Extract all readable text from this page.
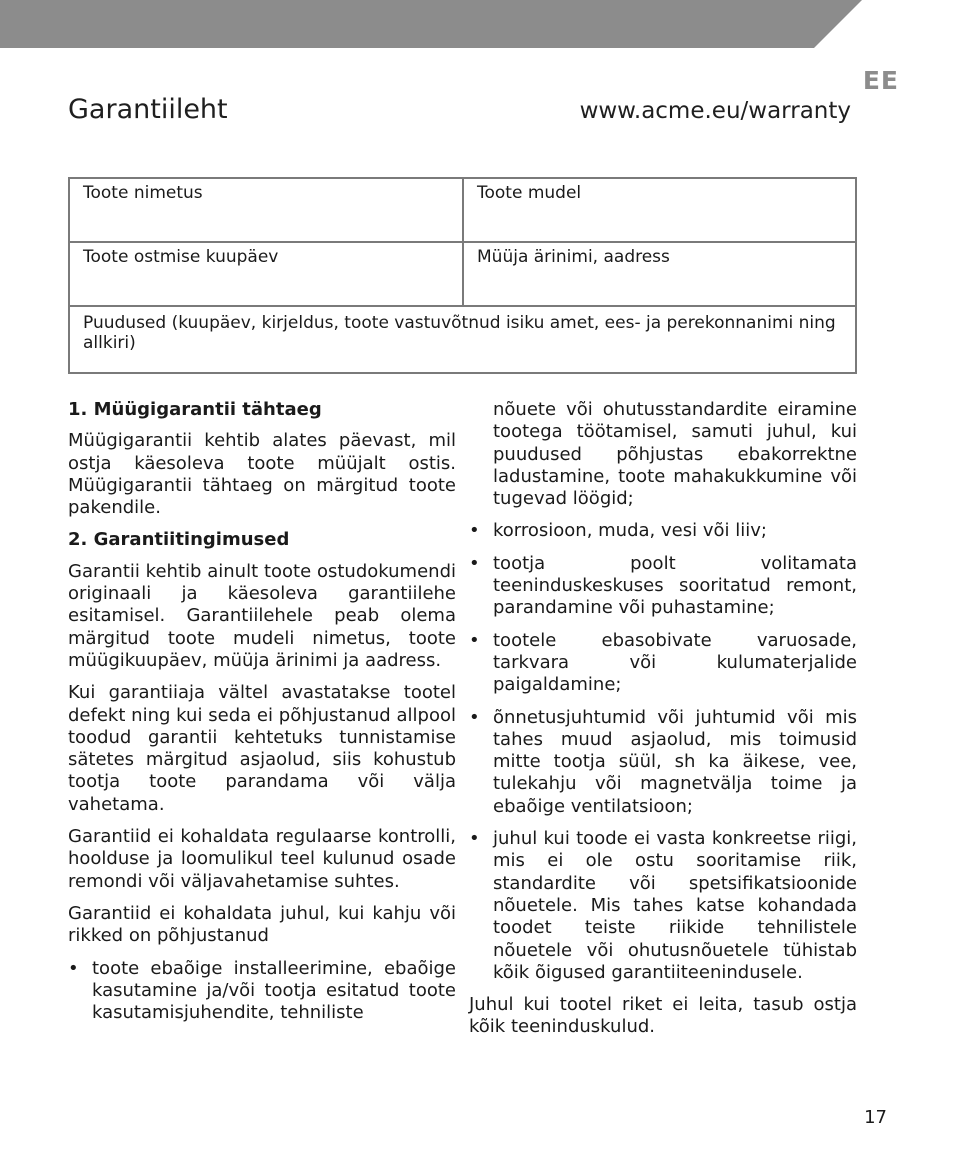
EE
Garantiileht	www.acme.eu/warranty
Toote nimetus	Toote mudel
Toote ostmise kuupäev	Müüja ärinimi, aadress
Puudused (kuupäev, kirjeldus, toote vastuvõtnud isiku amet, ees- ja perekonnanimi ning allkiri)	
1. Müügigarantii tähtaeg

Müügigarantii kehtib alates päevast, mil ostja käesoleva toote müüjalt ostis. Müügigarantii tähtaeg on märgitud toote pakendile.

2. Garantiitingimused

Garantii kehtib ainult toote ostudokumendi originaali ja käesoleva garantiilehe esitamisel. Garantiilehele peab olema märgitud toote mudeli nimetus, toote müügikuupäev, müüja ärinimi ja aadress.

Kui garantiiaja vältel avastatakse tootel defekt ning kui seda ei põhjustanud allpool toodud garantii kehtetuks tunnistamise sätetes märgitud asjaolud, siis kohustub tootja toote parandama või välja vahetama.

Garantiid ei kohaldata regulaarse kontrolli, hoolduse ja loomulikul teel kulunud osade remondi või väljavahetamise suhtes.

Garantiid ei kohaldata juhul, kui kahju või rikked on põhjustanud

• toote ebaõige installeerimine, ebaõige kasutamine ja/või tootja esitatud toote kasutamisjuhendite, tehniliste
nõuete või ohutusstandardite eiramine tootega töötamisel, samuti juhul, kui puudused põhjustas ebakorrektne ladustamine, toote mahakukkumine või tugevad löögid;
• korrosioon, muda, vesi või liiv;
• tootja poolt volitamata teeninduskeskuses sooritatud remont, parandamine või puhastamine;
• tootele ebasobivate varuosade, tarkvara või kulumaterjalide paigaldamine;
• õnnetusjuhtumid või juhtumid või mis tahes muud asjaolud, mis toimusid mitte tootja süül, sh ka äikese, vee, tulekahju või magnetvälja toime ja ebaõige ventilatsioon;
• juhul kui toode ei vasta konkreetse riigi, mis ei ole ostu sooritamise riik, standardite või spetsifikatsioonide nõuetele. Mis tahes katse kohandada toodet teiste riikide tehnilistele nõuetele või ohutusnõuetele tühistab kõik õigused garantiiteenindusele.

Juhul kui tootel riket ei leita, tasub ostja kõik teeninduskulud.

17
